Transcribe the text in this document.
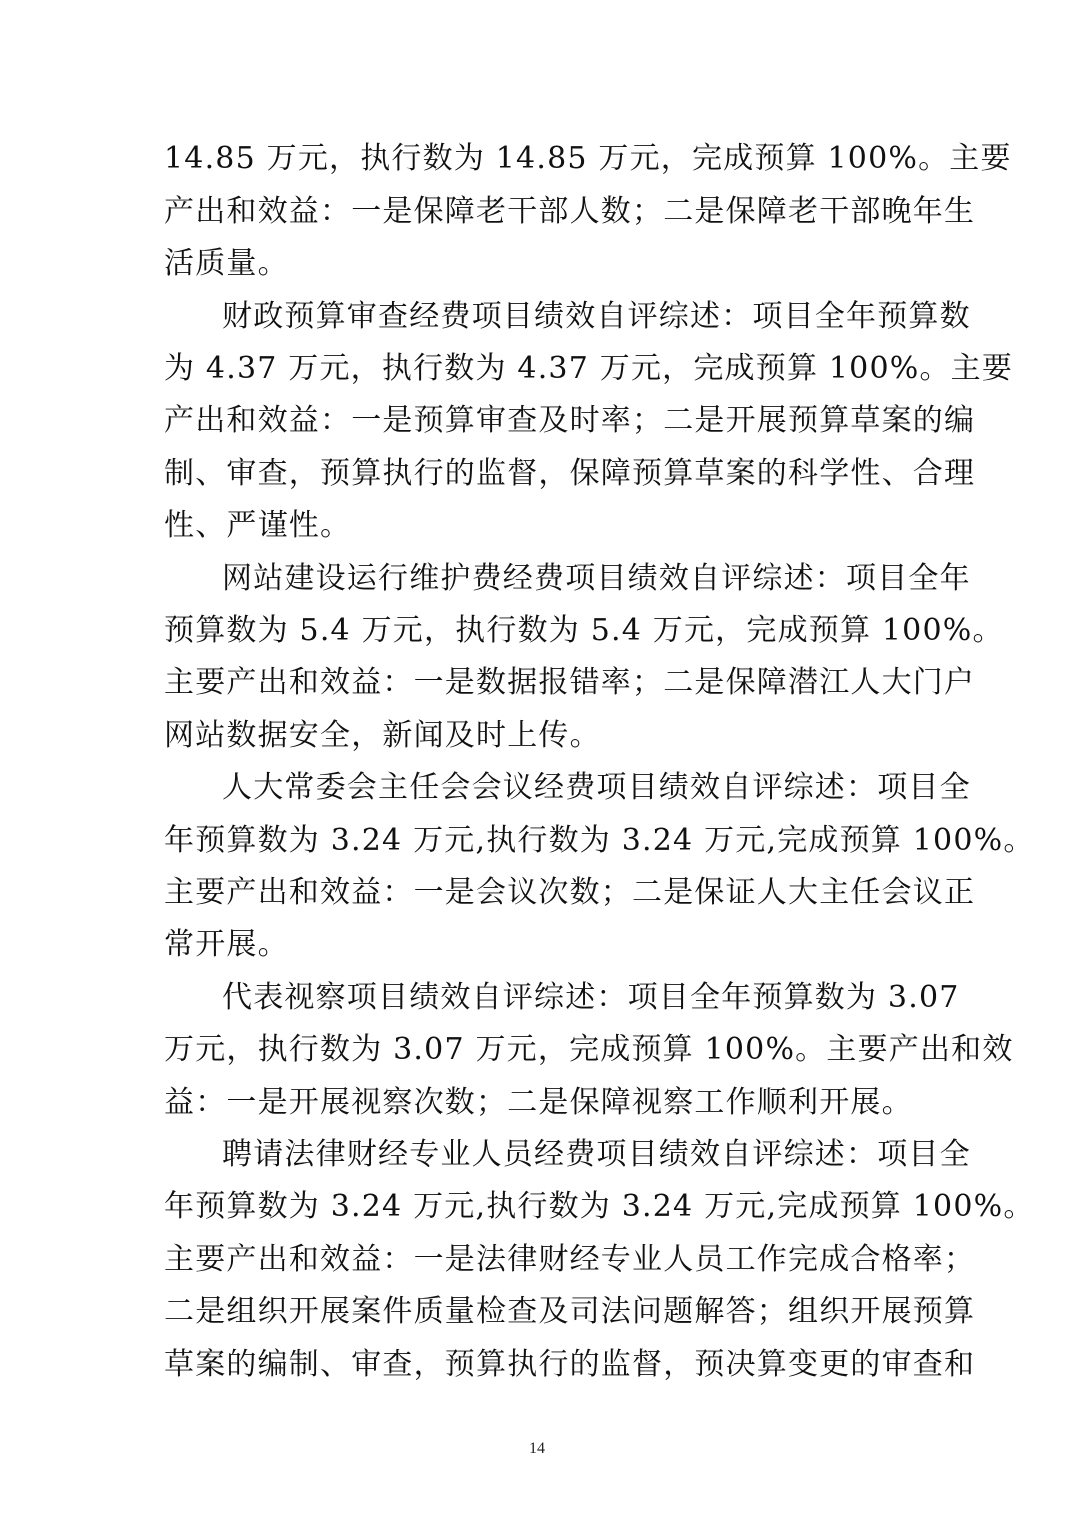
14.85 万元，执行数为 14.85 万元，完成预算 100%。主要
产出和效益：一是保障老干部人数；二是保障老干部晚年生
活质量。
财政预算审查经费项目绩效自评综述：项目全年预算数
为 4.37 万元，执行数为 4.37 万元，完成预算 100%。主要
产出和效益：一是预算审查及时率；二是开展预算草案的编
制、审查，预算执行的监督，保障预算草案的科学性、合理
性、严谨性。
网站建设运行维护费经费项目绩效自评综述：项目全年
预算数为 5.4 万元，执行数为 5.4 万元，完成预算 100%。
主要产出和效益：一是数据报错率；二是保障潜江人大门户
网站数据安全，新闻及时上传。
人大常委会主任会会议经费项目绩效自评综述：项目全
年预算数为 3.24 万元,执行数为 3.24 万元,完成预算 100%。
主要产出和效益：一是会议次数；二是保证人大主任会议正
常开展。
代表视察项目绩效自评综述：项目全年预算数为 3.07
万元，执行数为 3.07 万元，完成预算 100%。主要产出和效
益：一是开展视察次数；二是保障视察工作顺利开展。
聘请法律财经专业人员经费项目绩效自评综述：项目全
年预算数为 3.24 万元,执行数为 3.24 万元,完成预算 100%。
主要产出和效益：一是法律财经专业人员工作完成合格率；
二是组织开展案件质量检查及司法问题解答；组织开展预算
草案的编制、审查，预算执行的监督，预决算变更的审查和
14
